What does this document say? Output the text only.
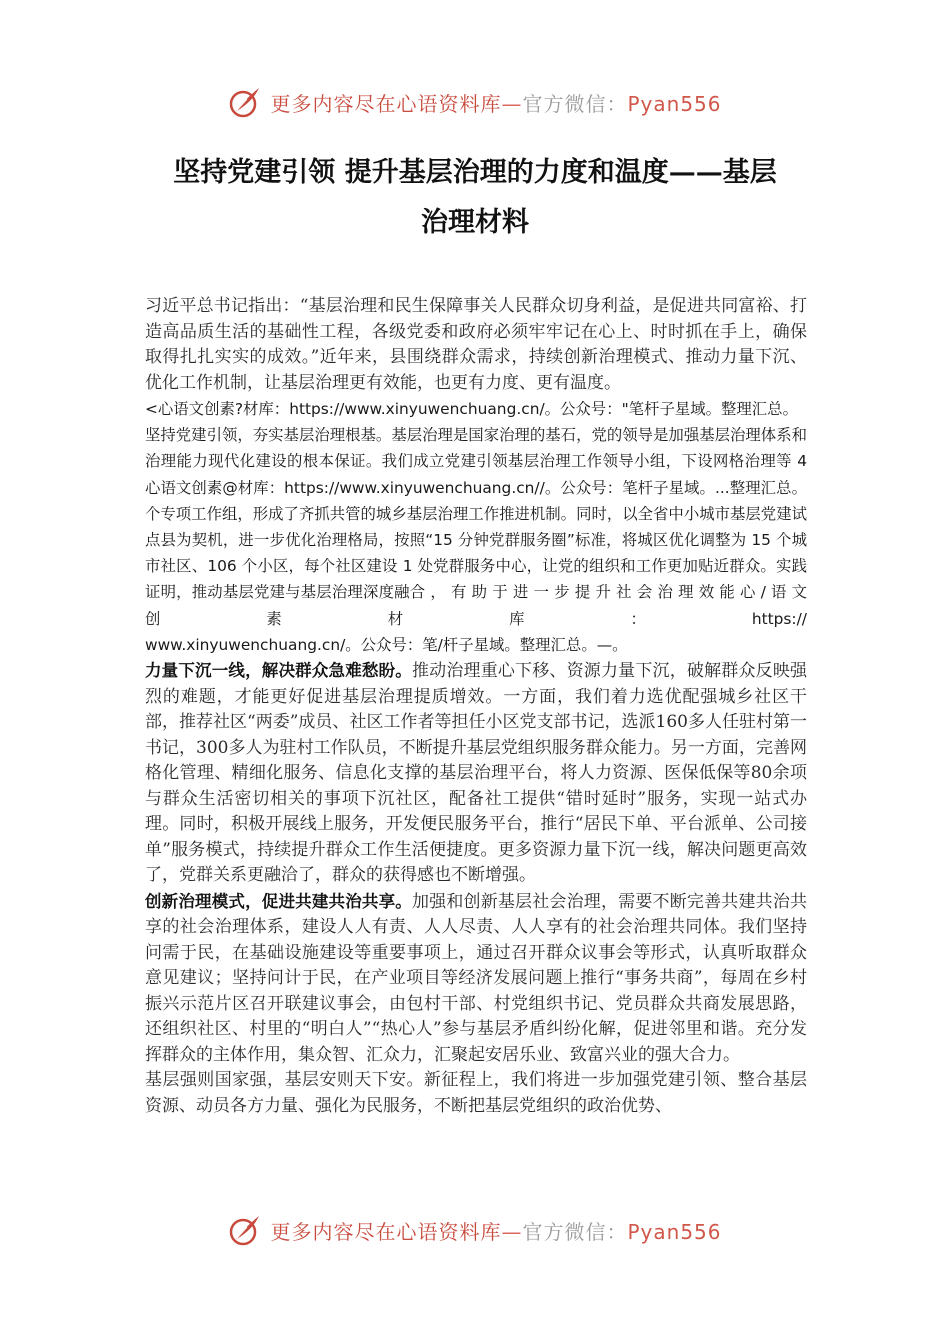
更多内容尽在心语资料库—官方微信：Pyan556
坚持党建引领 提升基层治理的力度和温度——基层
治理材料

习近平总书记指出：“基层治理和民生保障事关人民群众切身利益，是促进共同富裕、打造高品质生活的基础性工程，各级党委和政府必须牢牢记在心上、时时抓在手上，确保取得扎扎实实的成效。”近年来，县围绕群众需求，持续创新治理模式、推动力量下沉、优化工作机制，让基层治理更有效能，也更有力度、更有温度。

<心语文创素?材库：https://www.xinyuwenchuang.cn/。公众号："笔杆子星域。整理汇总。

坚持党建引领，夯实基层治理根基。基层治理是国家治理的基石，党的领导是加强基层治理体系和治理能力现代化建设的根本保证。我们成立党建引领基层治理工作领导小组，下设网格治理等 4 心语文创素@材库：https://www.xinyuwenchuang.cn//。公众号：笔杆子星域。...整理汇总。个专项工作组，形成了齐抓共管的城乡基层治理工作推进机制。同时，以全省中小城市基层党建试点县为契机，进一步优化治理格局，按照“15 分钟党群服务圈”标准，将城区优化调整为 15 个城市社区、106 个小区，每个社区建设 1 处党群服务中心，让党的组织和工作更加贴近群众。实践证明，推动基层党建与基层治理深度融合 ， 有 助 于 进 一 步 提 升 社 会 治 理 效 能 心 / 语 文 创 素 材 库 ： https://

www.xinyuwenchuang.cn/。公众号：笔/杆子星域。整理汇总。—。

力量下沉一线，解决群众急难愁盼。推动治理重心下移、资源力量下沉，破解群众反映强烈的难题，才能更好促进基层治理提质增效。一方面，我们着力选优配强城乡社区干部，推荐社区“两委”成员、社区工作者等担任小区党支部书记，选派160多人任驻村第一书记，300多人为驻村工作队员，不断提升基层党组织服务群众能力。另一方面，完善网格化管理、精细化服务、信息化支撑的基层治理平台，将人力资源、医保低保等80余项与群众生活密切相关的事项下沉社区，配备社工提供“错时延时”服务，实现一站式办理。同时，积极开展线上服务，开发便民服务平台，推行“居民下单、平台派单、公司接单”服务模式，持续提升群众工作生活便捷度。更多资源力量下沉一线，解决问题更高效了，党群关系更融洽了，群众的获得感也不断增强。

创新治理模式，促进共建共治共享。加强和创新基层社会治理，需要不断完善共建共治共享的社会治理体系，建设人人有责、人人尽责、人人享有的社会治理共同体。我们坚持问需于民，在基础设施建设等重要事项上，通过召开群众议事会等形式，认真听取群众意见建议；坚持问计于民，在产业项目等经济发展问题上推行“事务共商”，每周在乡村振兴示范片区召开联建议事会，由包村干部、村党组织书记、党员群众共商发展思路，还组织社区、村里的“明白人”“热心人”参与基层矛盾纠纷化解，促进邻里和谐。充分发挥群众的主体作用，集众智、汇众力，汇聚起安居乐业、致富兴业的强大合力。

基层强则国家强，基层安则天下安。新征程上，我们将进一步加强党建引领、整合基层资源、动员各方力量、强化为民服务，不断把基层党组织的政治优势、

更多内容尽在心语资料库—官方微信：Pyan556
